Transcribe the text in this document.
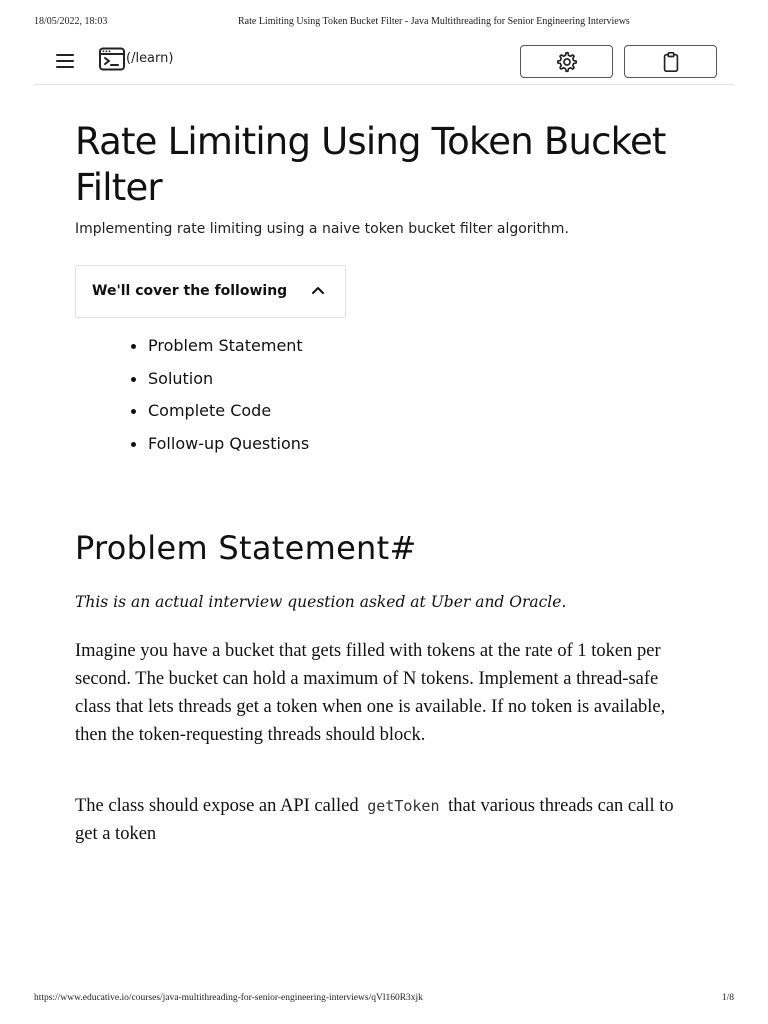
18/05/2022, 18:03	Rate Limiting Using Token Bucket Filter - Java Multithreading for Senior Engineering Interviews
(/learn)
Rate Limiting Using Token Bucket Filter

Implementing rate limiting using a naive token bucket filter algorithm.

We'll cover the following
Problem Statement
Solution
Complete Code
Follow-up Questions
Problem Statement#

This is an actual interview question asked at Uber and Oracle.

Imagine you have a bucket that gets filled with tokens at the rate of 1 token per second. The bucket can hold a maximum of N tokens. Implement a thread-safe class that lets threads get a token when one is available. If no token is available, then the token-requesting threads should block.

The class should expose an API called getToken that various threads can call to get a token

https://www.educative.io/courses/java-multithreading-for-senior-engineering-interviews/qVl160R3xjk	1/8
